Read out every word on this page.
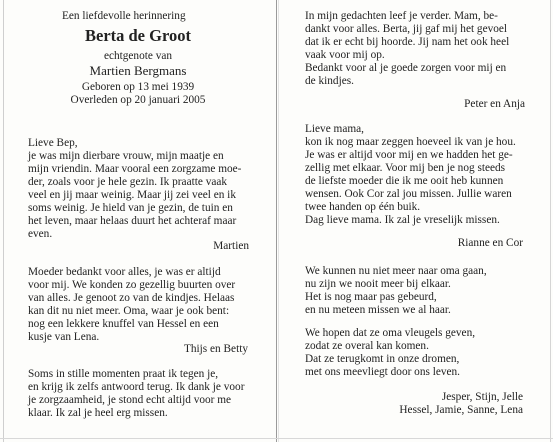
Een liefdevolle herinnering
Berta de Groot
echtgenote van
Martien Bergmans
Geboren op 13 mei 1939
Overleden op 20 januari 2005
Lieve Bep,
je was mijn dierbare vrouw, mijn maatje en
mijn vriendin. Maar vooral een zorgzame moe-
der, zoals voor je hele gezin. Ik praatte vaak
veel en jij maar weinig. Maar jij zei veel en ik
soms weinig. Je hield van je gezin, de tuin en
het leven, maar helaas duurt het achteraf maar
even.
Martien
Moeder bedankt voor alles, je was er altijd
voor mij. We konden zo gezellig buurten over
van alles. Je genoot zo van de kindjes. Helaas
kan dit nu niet meer. Oma, waar je ook bent:
nog een lekkere knuffel van Hessel en een
kusje van Lena.
Thijs en Betty
Soms in stille momenten praat ik tegen je,
en krijg ik zelfs antwoord terug. Ik dank je voor
je zorgzaamheid, je stond echt altijd voor me
klaar. Ik zal je heel erg missen.
In mijn gedachten leef je verder. Mam, be-
dankt voor alles. Berta, jij gaf mij het gevoel
dat ik er echt bij hoorde. Jij nam het ook heel
vaak voor mij op.
Bedankt voor al je goede zorgen voor mij en
de kindjes.
Peter en Anja
Lieve mama,
kon ik nog maar zeggen hoeveel ik van je hou.
Je was er altijd voor mij en we hadden het ge-
zellig met elkaar. Voor mij ben je nog steeds
de liefste moeder die ik me ooit heb kunnen
wensen. Ook Cor zal jou missen. Jullie waren
twee handen op één buik.
Dag lieve mama. Ik zal je vreselijk missen.
Rianne en Cor
We kunnen nu niet meer naar oma gaan,
nu zijn we nooit meer bij elkaar.
Het is nog maar pas gebeurd,
en nu meteen missen we al haar.
We hopen dat ze oma vleugels geven,
zodat ze overal kan komen.
Dat ze terugkomt in onze dromen,
met ons meevliegt door ons leven.
Jesper, Stijn, Jelle
Hessel, Jamie, Sanne, Lena
